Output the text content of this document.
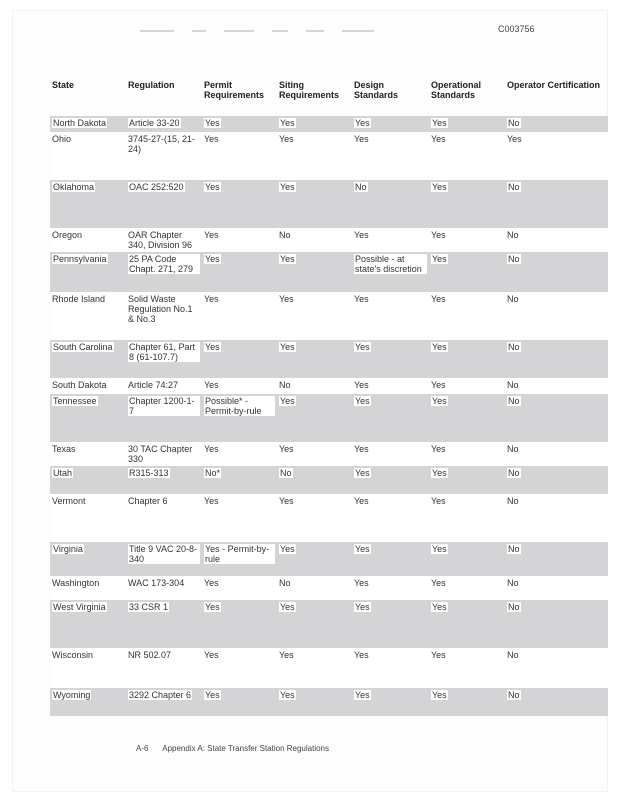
C003756
State	Regulation	Permit Requirements	Siting Requirements	Design Standards	Operational Standards	Operator Certification
North Dakota	Article 33-20	Yes	Yes	Yes	Yes	No
Ohio	3745-27-(15, 21-24)	Yes	Yes	Yes	Yes	Yes
Oklahoma	OAC 252:520	Yes	Yes	No	Yes	No
Oregon	OAR Chapter 340, Division 96	Yes	No	Yes	Yes	No
Pennsylvania	25 PA Code Chapt. 271, 279	Yes	Yes	Possible - at state's discretion	Yes	No
Rhode Island	Solid Waste Regulation No.1 & No.3	Yes	Yes	Yes	Yes	No
South Carolina	Chapter 61, Part 8 (61-107.7)	Yes	Yes	Yes	Yes	No
South Dakota	Article 74:27	Yes	No	Yes	Yes	No
Tennessee	Chapter 1200-1-7	Possible* - Permit-by-rule	Yes	Yes	Yes	No
Texas	30 TAC Chapter 330	Yes	Yes	Yes	Yes	No
Utah	R315-313	No*	No	Yes	Yes	No
Vermont	Chapter 6	Yes	Yes	Yes	Yes	No
Virginia	Title 9 VAC 20-8-340	Yes - Permit-by-rule	Yes	Yes	Yes	No
Washington	WAC 173-304	Yes	No	Yes	Yes	No
West Virginia	33 CSR 1	Yes	Yes	Yes	Yes	No
Wisconsin	NR 502.07	Yes	Yes	Yes	Yes	No
Wyoming	3292 Chapter 6	Yes	Yes	Yes	Yes	No
A-6 Appendix A: State Transfer Station Regulations
